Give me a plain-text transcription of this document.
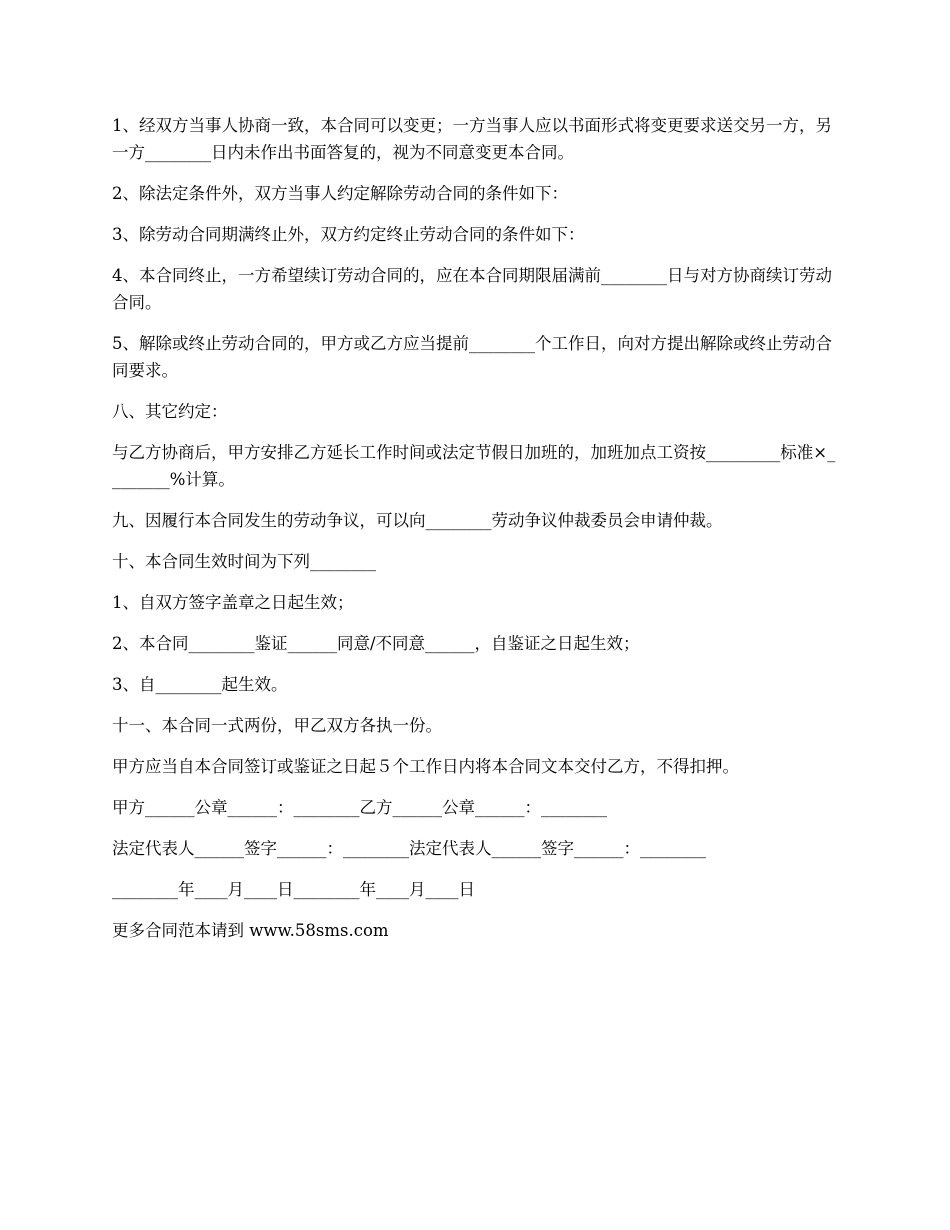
1、经双方当事人协商一致，本合同可以变更；一方当事人应以书面形式将变更要求送交另一方，另一方________日内未作出书面答复的，视为不同意变更本合同。

2、除法定条件外，双方当事人约定解除劳动合同的条件如下：

3、除劳动合同期满终止外，双方约定终止劳动合同的条件如下：

4、本合同终止，一方希望续订劳动合同的，应在本合同期限届满前________日与对方协商续订劳动合同。

5、解除或终止劳动合同的，甲方或乙方应当提前________个工作日，向对方提出解除或终止劳动合同要求。

八、其它约定：

与乙方协商后，甲方安排乙方延长工作时间或法定节假日加班的，加班加点工资按_________标准×________%计算。

九、因履行本合同发生的劳动争议，可以向________劳动争议仲裁委员会申请仲裁。

十、本合同生效时间为下列________

1、自双方签字盖章之日起生效；

2、本合同________鉴证______同意/不同意______，自鉴证之日起生效；

3、自________起生效。

十一、本合同一式两份，甲乙双方各执一份。

甲方应当自本合同签订或鉴证之日起５个工作日内将本合同文本交付乙方，不得扣押。

甲方______公章______：________乙方______公章______：________

法定代表人______签字______：________法定代表人______签字______：________

________年____月____日________年____月____日

更多合同范本请到 www.58sms.com
